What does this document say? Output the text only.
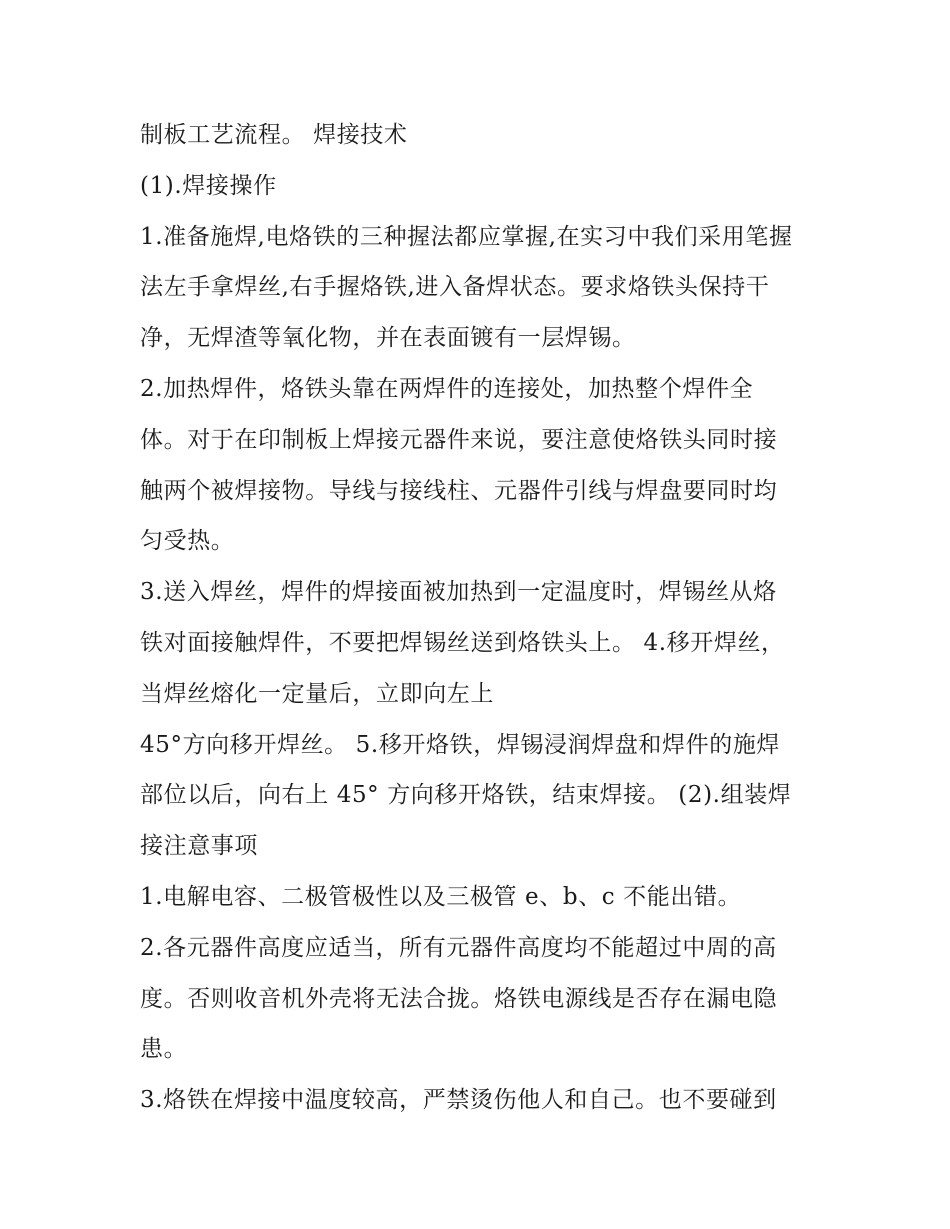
制板工艺流程。 焊接技术
(1).焊接操作
1.准备施焊,电烙铁的三种握法都应掌握,在实习中我们采用笔握
法左手拿焊丝,右手握烙铁,进入备焊状态。要求烙铁头保持干
净，无焊渣等氧化物，并在表面镀有一层焊锡。
2.加热焊件，烙铁头靠在两焊件的连接处，加热整个焊件全
体。对于在印制板上焊接元器件来说，要注意使烙铁头同时接
触两个被焊接物。导线与接线柱、元器件引线与焊盘要同时均
匀受热。
3.送入焊丝，焊件的焊接面被加热到一定温度时，焊锡丝从烙
铁对面接触焊件，不要把焊锡丝送到烙铁头上。 4.移开焊丝，
当焊丝熔化一定量后，立即向左上
45°方向移开焊丝。 5.移开烙铁，焊锡浸润焊盘和焊件的施焊
部位以后，向右上 45° 方向移开烙铁，结束焊接。 (2).组装焊
接注意事项
1.电解电容、二极管极性以及三极管 e、b、c 不能出错。
2.各元器件高度应适当，所有元器件高度均不能超过中周的高
度。否则收音机外壳将无法合拢。烙铁电源线是否存在漏电隐
患。
3.烙铁在焊接中温度较高，严禁烫伤他人和自己。也不要碰到
